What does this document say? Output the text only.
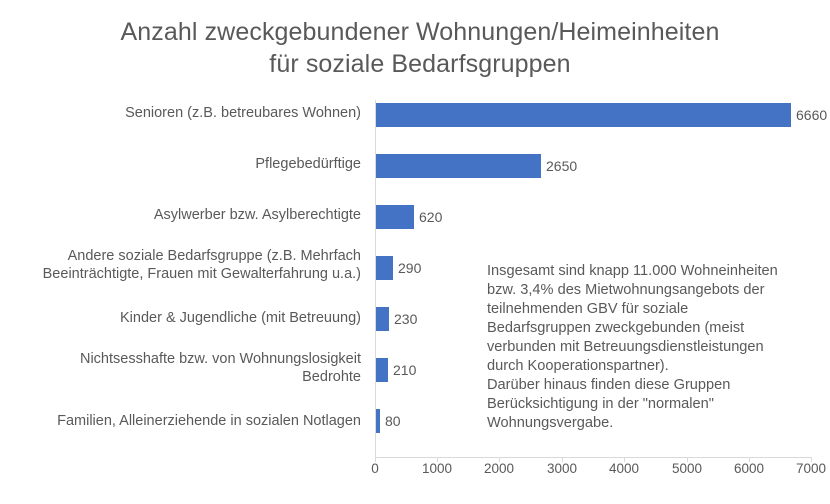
Anzahl zweckgebundener Wohnungen/Heimeinheiten
für soziale Bedarfsgruppen
Senioren (z.B. betreubares Wohnen)
Pflegebedürftige
Asylwerber bzw. Asylberechtigte
Andere soziale Bedarfsgruppe (z.B. Mehrfach
Beeinträchtigte, Frauen mit Gewalterfahrung u.a.)
Kinder & Jugendliche (mit Betreuung)
Nichtsesshafte bzw. von Wohnungslosigkeit
Bedrohte
Familien, Alleinerziehende in sozialen Notlagen
6660
2650
620
290
230
210
80
0	1000 2000 3000 4000 5000 6000 7000

Insgesamt sind knapp 11.000 Wohneinheiten

bzw. 3,4% des Mietwohnungsangebots der

teilnehmenden GBV für soziale

Bedarfsgruppen zweckgebunden (meist

verbunden mit Betreuungsdienstleistungen

durch Kooperationspartner).

Darüber hinaus finden diese Gruppen

Berücksichtigung in der "normalen"

Wohnungsvergabe.
